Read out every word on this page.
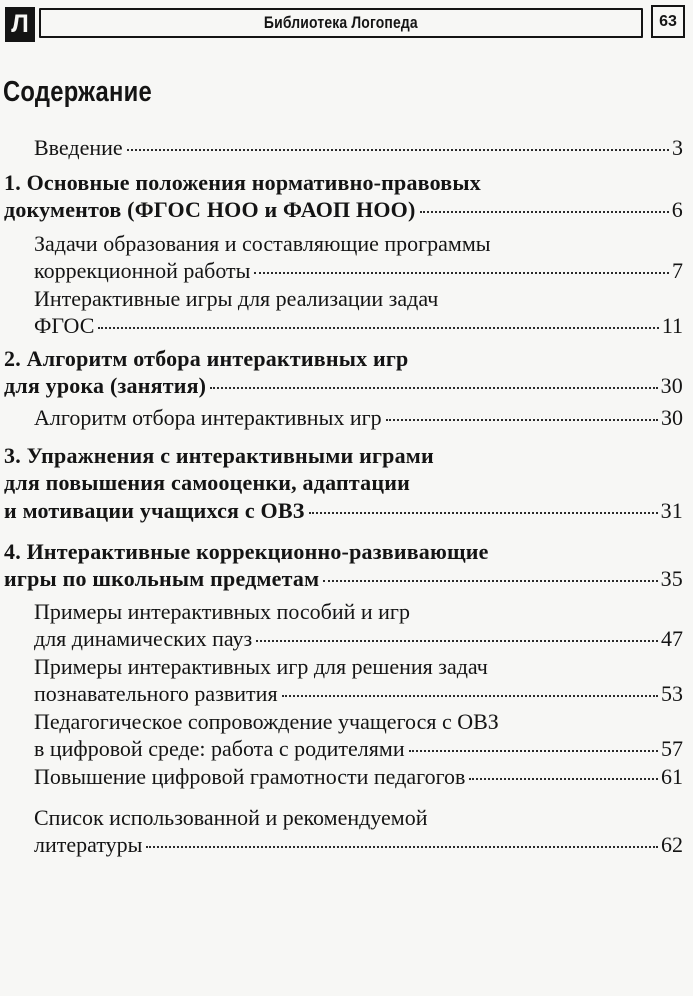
Л	Библиотека Логопеда	63
Содержание
Введение	3
1. Основные положения нормативно-правовых
документов (ФГОС НОО и ФАОП НОО)	6
Задачи образования и составляющие программы
коррекционной работы	7
Интерактивные игры для реализации задач
ФГОС	11
2. Алгоритм отбора интерактивных игр
для урока (занятия)	30
Алгоритм отбора интерактивных игр	30
3. Упражнения с интерактивными играми
для повышения самооценки, адаптации
и мотивации учащихся с ОВЗ	31
4. Интерактивные коррекционно-развивающие
игры по школьным предметам	35
Примеры интерактивных пособий и игр
для динамических пауз	47
Примеры интерактивных игр для решения задач
познавательного развития	53
Педагогическое сопровождение учащегося с ОВЗ
в цифровой среде: работа с родителями	57
Повышение цифровой грамотности педагогов	61
Список использованной и рекомендуемой
литературы	62
